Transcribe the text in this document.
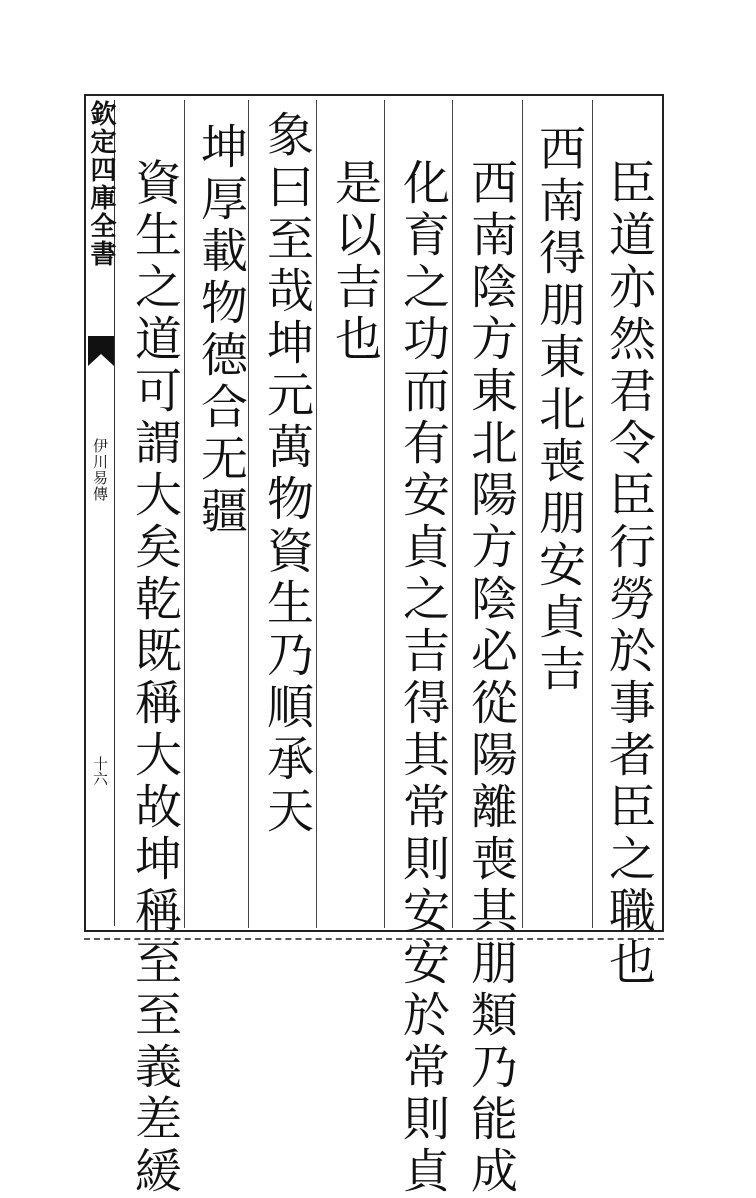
欽定四庫全書
伊川易傳
十六	臣道亦然君令臣行勞於事者臣之職也
西南得朋東北喪朋安貞吉
西南陰方東北陽方陰必從陽離喪其朋類乃能成
化育之功而有安貞之吉得其常則安安於常則貞
是以吉也
象曰至哉坤元萬物資生乃順承天
坤厚載物德合无疆
資生之道可謂大矣乾既稱大故坤稱至至義差緩
